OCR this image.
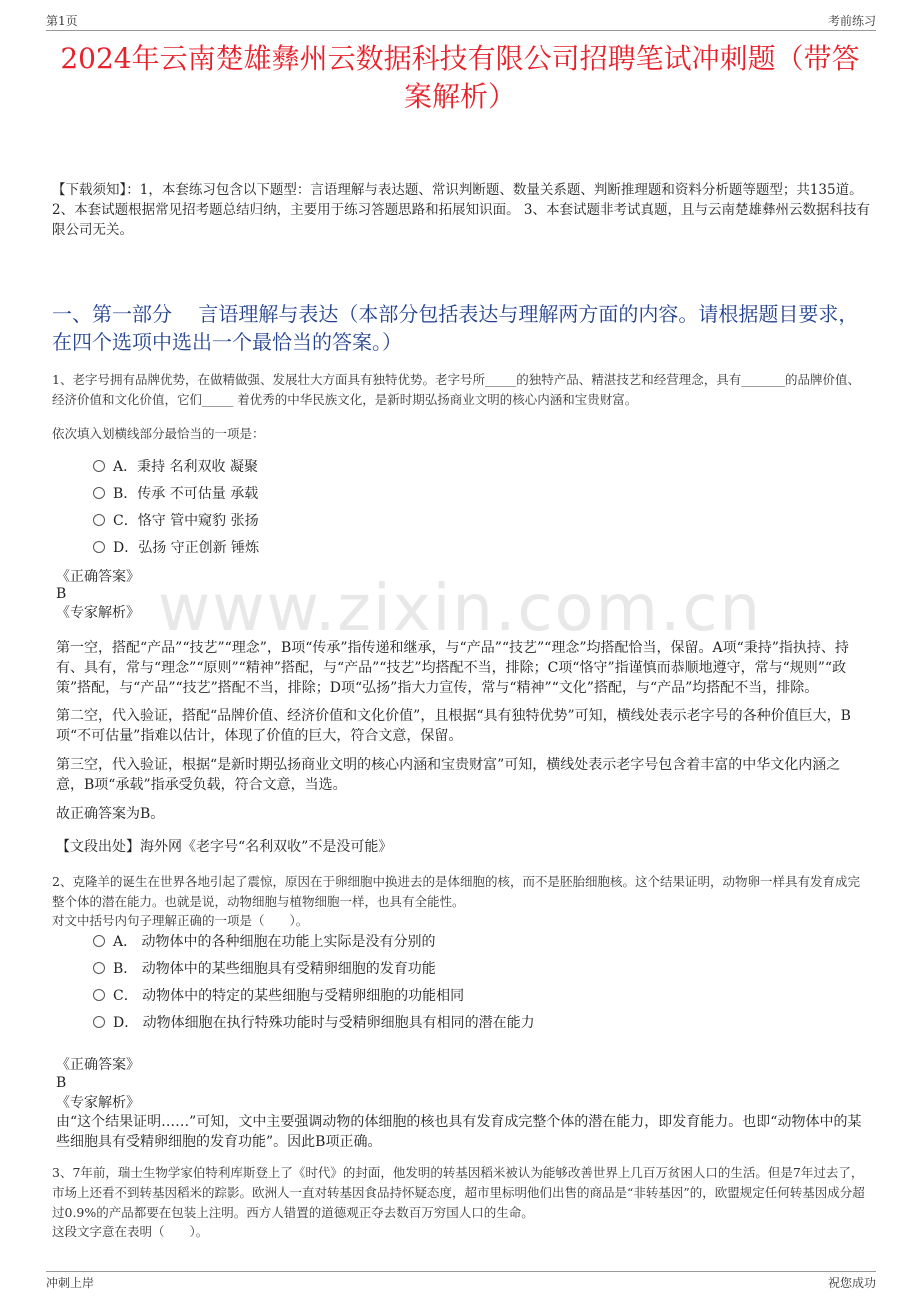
第1页	考前练习
www.zixin.com.cn
2024年云南楚雄彝州云数据科技有限公司招聘笔试冲刺题（带答案解析）
【下载须知】：1，本套练习包含以下题型：言语理解与表达题、常识判断题、数量关系题、判断推理题和资料分析题等题型；共135道。 2、本套试题根据常见招考题总结归纳，主要用于练习答题思路和拓展知识面。 3、本套试题非考试真题，且与云南楚雄彝州云数据科技有限公司无关。
一、第一部分　 言语理解与表达（本部分包括表达与理解两方面的内容。请根据题目要求，在四个选项中选出一个最恰当的答案。）
1、老字号拥有品牌优势，在做精做强、发展壮大方面具有独特优势。老字号所_____的独特产品、精湛技艺和经营理念，具有_______的品牌价值、经济价值和文化价值，它们_____ 着优秀的中华民族文化，是新时期弘扬商业文明的核心内涵和宝贵财富。
依次填入划横线部分最恰当的一项是：
A．秉持 名利双收 凝聚
B．传承 不可估量 承载
C．恪守 管中窥豹 张扬
D．弘扬 守正创新 锤炼
《正确答案》
B
《专家解析》
第一空，搭配“产品”“技艺”“理念”，B项“传承”指传递和继承，与“产品”“技艺”“理念”均搭配恰当，保留。A项“秉持”指执持、持有、具有，常与“理念”“原则”“精神”搭配，与“产品”“技艺”均搭配不当，排除；C项“恪守”指谨慎而恭顺地遵守，常与“规则”“政策”搭配，与“产品”“技艺”搭配不当，排除；D项“弘扬”指大力宣传，常与“精神”“文化”搭配，与“产品”均搭配不当，排除。
第二空，代入验证，搭配“品牌价值、经济价值和文化价值”，且根据“具有独特优势”可知，横线处表示老字号的各种价值巨大，B项“不可估量”指难以估计，体现了价值的巨大，符合文意，保留。
第三空，代入验证，根据“是新时期弘扬商业文明的核心内涵和宝贵财富”可知，横线处表示老字号包含着丰富的中华文化内涵之意，B项“承载”指承受负载，符合文意，当选。
故正确答案为B。
【文段出处】海外网《老字号“名利双收”不是没可能》
2、克隆羊的诞生在世界各地引起了震惊，原因在于卵细胞中换进去的是体细胞的核，而不是胚胎细胞核。这个结果证明，动物卵一样具有发育成完整个体的潜在能力。也就是说，动物细胞与植物细胞一样，也具有全能性。
对文中括号内句子理解正确的一项是（　　）。
A． 动物体中的各种细胞在功能上实际是没有分别的
B． 动物体中的某些细胞具有受精卵细胞的发育功能
C． 动物体中的特定的某些细胞与受精卵细胞的功能相同
D． 动物体细胞在执行特殊功能时与受精卵细胞具有相同的潜在能力
《正确答案》
B
《专家解析》
由“这个结果证明……”可知，文中主要强调动物的体细胞的核也具有发育成完整个体的潜在能力，即发育能力。也即“动物体中的某些细胞具有受精卵细胞的发育功能”。因此B项正确。
3、7年前，瑞士生物学家伯特利库斯登上了《时代》的封面，他发明的转基因稻米被认为能够改善世界上几百万贫困人口的生活。但是7年过去了，市场上还看不到转基因稻米的踪影。欧洲人一直对转基因食品持怀疑态度，超市里标明他们出售的商品是“非转基因”的，欧盟规定任何转基因成分超过0.9%的产品都要在包装上注明。西方人错置的道德观正夺去数百万穷国人口的生命。
这段文字意在表明（　　）。
冲刺上岸	祝您成功
